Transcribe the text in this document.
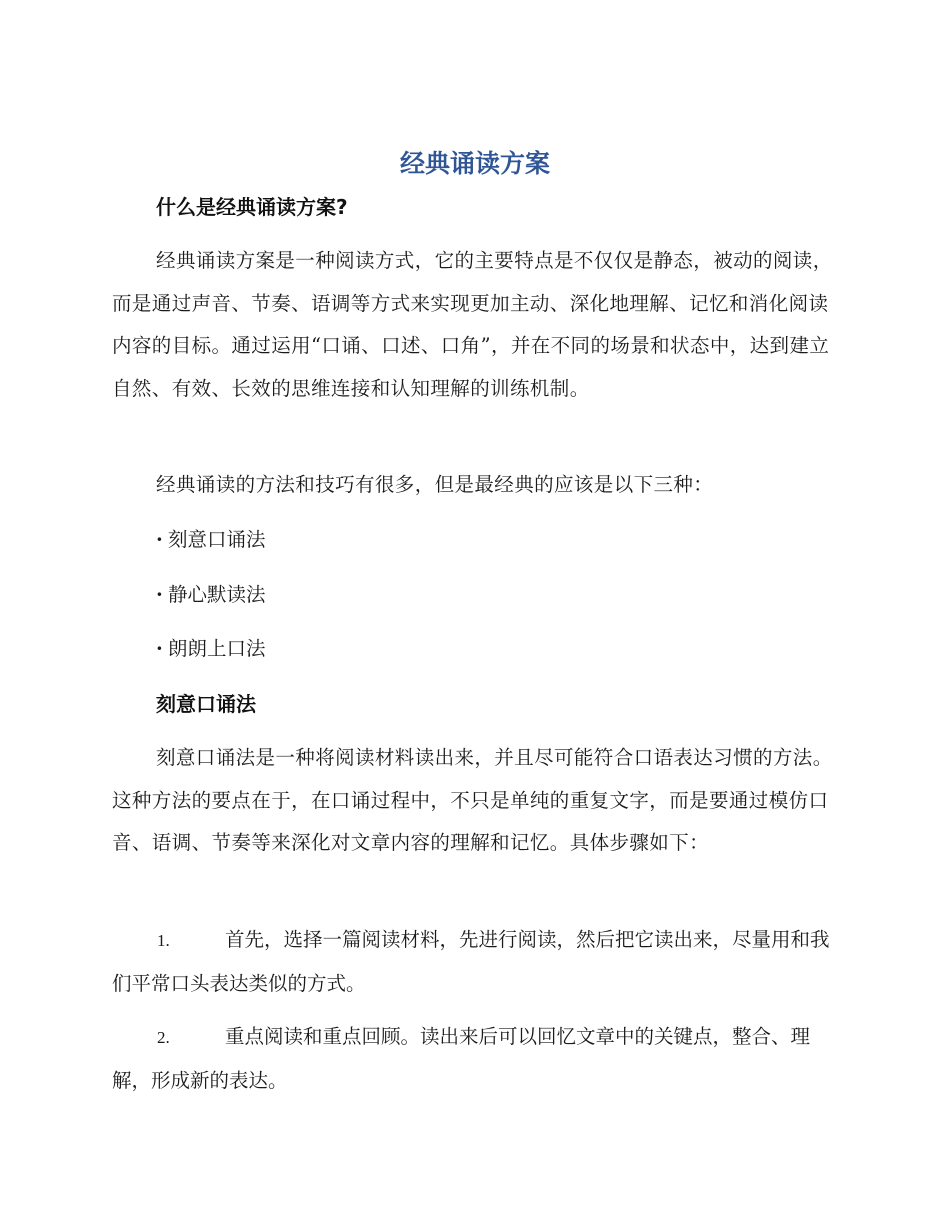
经典诵读方案
什么是经典诵读方案?
经典诵读方案是一种阅读方式，它的主要特点是不仅仅是静态，被动的阅读，而是通过声音、节奏、语调等方式来实现更加主动、深化地理解、记忆和消化阅读内容的目标。通过运用“口诵、口述、口角”，并在不同的场景和状态中，达到建立自然、有效、长效的思维连接和认知理解的训练机制。
经典诵读的方法和技巧有很多，但是最经典的应该是以下三种：
· 刻意口诵法
· 静心默读法
· 朗朗上口法
刻意口诵法
刻意口诵法是一种将阅读材料读出来，并且尽可能符合口语表达习惯的方法。这种方法的要点在于，在口诵过程中，不只是单纯的重复文字，而是要通过模仿口音、语调、节奏等来深化对文章内容的理解和记忆。具体步骤如下：
1.	首先，选择一篇阅读材料，先进行阅读，然后把它读出来，尽量用和我们平常口头表达类似的方式。
2.	重点阅读和重点回顾。读出来后可以回忆文章中的关键点，整合、理解，形成新的表达。
